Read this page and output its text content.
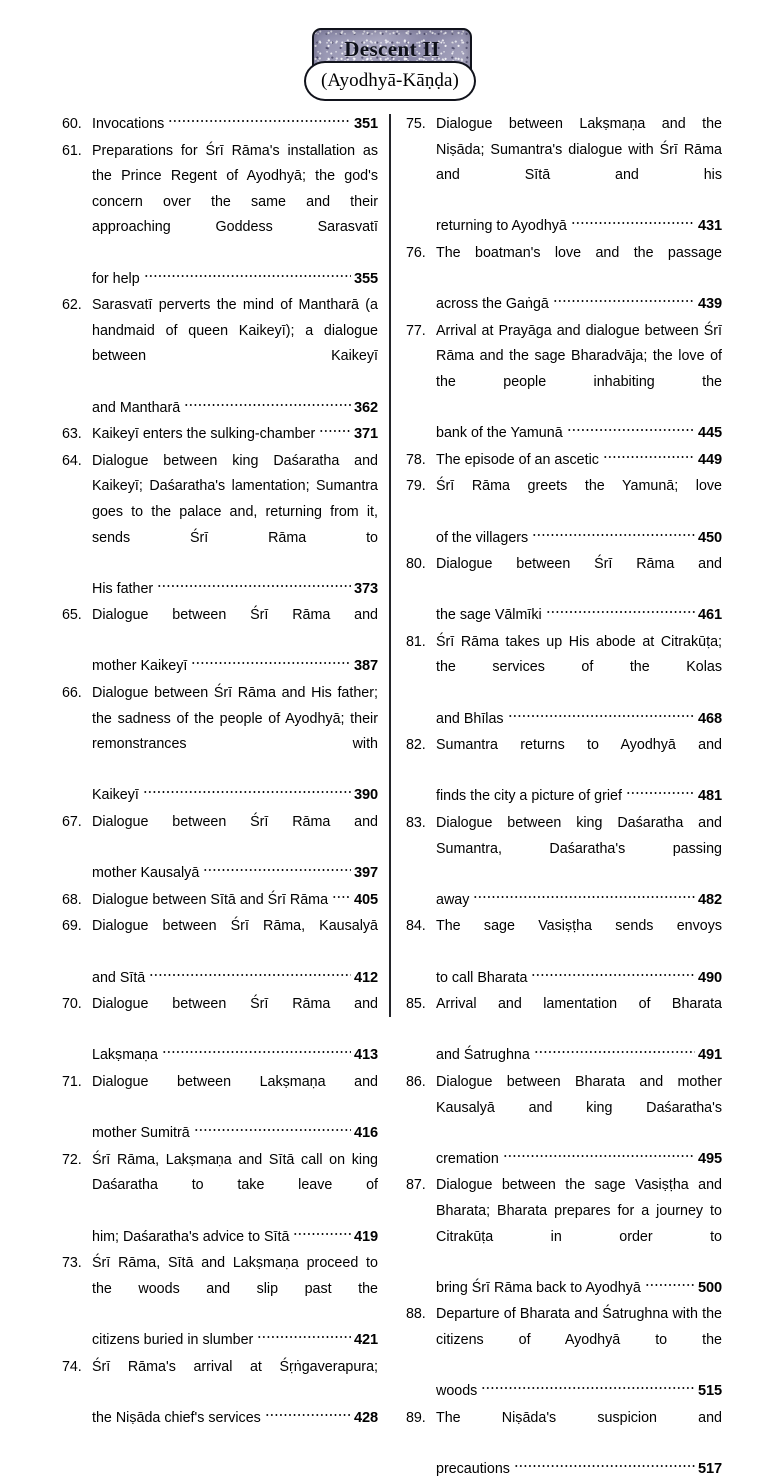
Descent II
(Ayodhyā-Kāṇḍa)
60. Invocations	351
61. Preparations for Śrī Rāma's installation as the Prince Regent of Ayodhyā; the god's concern over the same and their approaching Goddess Sarasvatī
for help	355
62. Sarasvatī perverts the mind of Mantharā (a handmaid of queen Kaikeyī); a dialogue between Kaikeyī
and Mantharā	362
63. Kaikeyī enters the sulking-chamber	371
64. Dialogue between king Daśaratha and Kaikeyī; Daśaratha's lamentation; Sumantra goes to the palace and, returning from it, sends Śrī Rāma to
His father	373
65. Dialogue between Śrī Rāma and
mother Kaikeyī	387
66. Dialogue between Śrī Rāma and His father; the sadness of the people of Ayodhyā; their remonstrances with
Kaikeyī	390
67. Dialogue between Śrī Rāma and
mother Kausalyā	397
68. Dialogue between Sītā and Śrī Rāma 405
69. Dialogue between Śrī Rāma, Kausalyā
and Sītā	412
70. Dialogue between Śrī Rāma and
Lakṣmaṇa	413
71. Dialogue between Lakṣmaṇa and
mother Sumitrā	416
72. Śrī Rāma, Lakṣmaṇa and Sītā call on king Daśaratha to take leave of
him; Daśaratha's advice to Sītā	419
73. Śrī Rāma, Sītā and Lakṣmaṇa proceed to the woods and slip past the
citizens buried in slumber	421
74. Śrī Rāma's arrival at Śṛṅgaverapura;
the Niṣāda chief's services	428
75. Dialogue between Lakṣmaṇa and the Niṣāda; Sumantra's dialogue with Śrī Rāma and Sītā and his
returning to Ayodhyā	431
76. The boatman's love and the passage
across the Gaṅgā	439
77. Arrival at Prayāga and dialogue between Śrī Rāma and the sage Bharadvāja; the love of the people inhabiting the
bank of the Yamunā	445
78. The episode of an ascetic	449
79. Śrī Rāma greets the Yamunā; love
of the villagers	450
80. Dialogue between Śrī Rāma and
the sage Vālmīki	461
81. Śrī Rāma takes up His abode at Citrakūṭa; the services of the Kolas
and Bhīlas	468
82. Sumantra returns to Ayodhyā and
finds the city a picture of grief	481
83. Dialogue between king Daśaratha and Sumantra, Daśaratha's passing
away	482
84. The sage Vasiṣṭha sends envoys
to call Bharata	490
85. Arrival and lamentation of Bharata
and Śatrughna	491
86. Dialogue between Bharata and mother Kausalyā and king Daśaratha's
cremation	495
87. Dialogue between the sage Vasiṣṭha and Bharata; Bharata prepares for a journey to Citrakūṭa in order to
bring Śrī Rāma back to Ayodhyā	500
88. Departure of Bharata and Śatrughna with the citizens of Ayodhyā to the
woods	515
89. The Niṣāda's suspicion and
precautions	517
